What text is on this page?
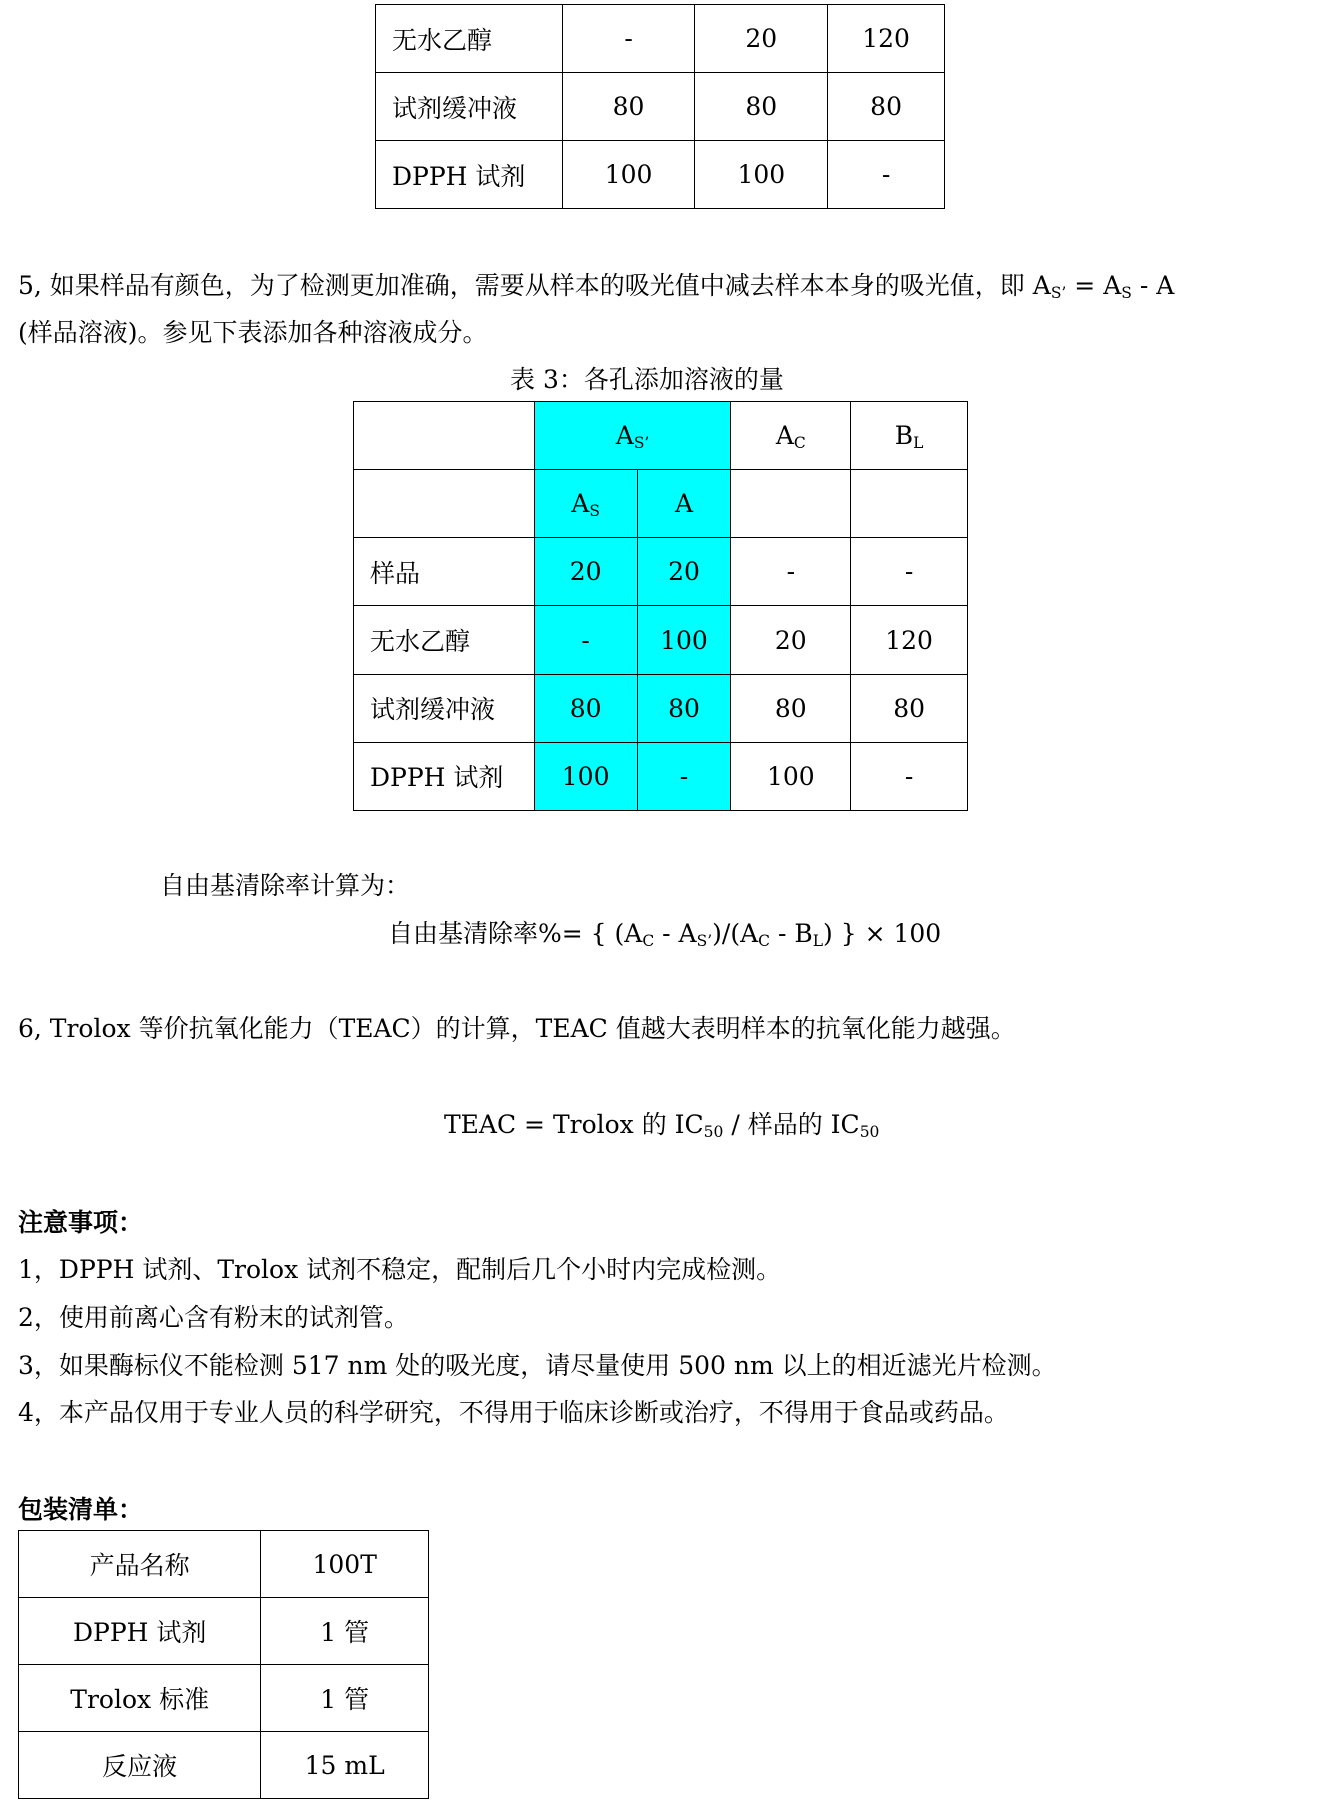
无水乙醇	-	20	120
试剂缓冲液	80	80	80
DPPH 试剂	100	100	-
5, 如果样品有颜色，为了检测更加准确，需要从样本的吸光值中减去样本本身的吸光值，即 $A_{S’} = A_S - A$
(样品溶液)。参见下表添加各种溶液成分。
表 3：各孔添加溶液的量
	$A_{S’}$		$A_C$	$B_L$
	$A_S$	A		
样品	20	20	-	-
无水乙醇	-	100	20	120
试剂缓冲液	80	80	80	80
DPPH 试剂	100	-	100	-
自由基清除率计算为：
自由基清除率%= { $(A_C - A_{S’})/(A_C - B_L)$ } × 100
6, Trolox 等价抗氧化能力（TEAC）的计算，TEAC 值越大表明样本的抗氧化能力越强。
TEAC = Trolox 的 $IC_{50}$ / 样品的 $IC_{50}$
注意事项：
1，DPPH 试剂、Trolox 试剂不稳定，配制后几个小时内完成检测。
2，使用前离心含有粉末的试剂管。
3，如果酶标仪不能检测 517 nm 处的吸光度，请尽量使用 500 nm 以上的相近滤光片检测。
4，本产品仅用于专业人员的科学研究，不得用于临床诊断或治疗，不得用于食品或药品。
包装清单：
产品名称	100T
DPPH 试剂	1 管
Trolox 标准	1 管
反应液	15 mL
